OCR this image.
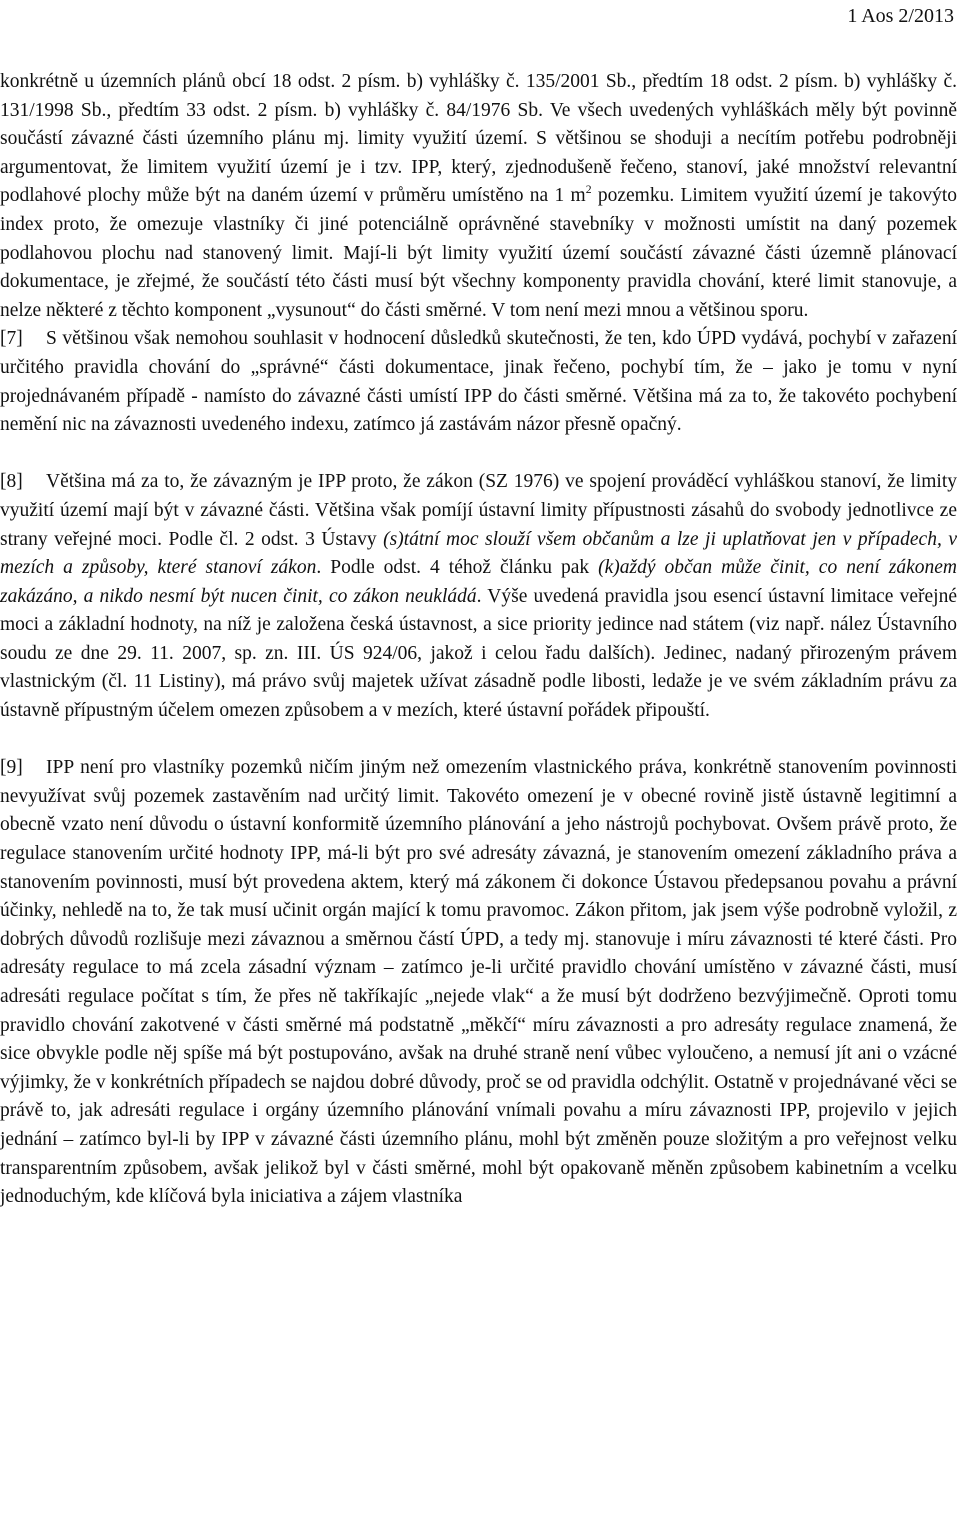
1 Aos 2/2013

konkrétně u územních plánů obcí 18 odst. 2 písm. b) vyhlášky č. 135/2001 Sb., předtím 18 odst. 2 písm. b) vyhlášky č. 131/1998 Sb., předtím 33 odst. 2 písm. b) vyhlášky č. 84/1976 Sb. Ve všech uvedených vyhláškách měly být povinně součástí závazné části územního plánu mj. limity využití území. S většinou se shoduji a necítím potřebu podrobněji argumentovat, že limitem využití území je i tzv. IPP, který, zjednodušeně řečeno, stanoví, jaké množství relevantní podlahové plochy může být na daném území v průměru umístěno na 1 $m^2$ pozemku. Limitem využití území je takovýto index proto, že omezuje vlastníky či jiné potenciálně oprávněné stavebníky v možnosti umístit na daný pozemek podlahovou plochu nad stanovený limit. Mají-li být limity využití území součástí závazné části územně plánovací dokumentace, je zřejmé, že součástí této části musí být všechny komponenty pravidla chování, které limit stanovuje, a nelze některé z těchto komponent „vysunout“ do části směrné. V tom není mezi mnou a většinou sporu.

[7] S většinou však nemohou souhlasit v hodnocení důsledků skutečnosti, že ten, kdo ÚPD vydává, pochybí v zařazení určitého pravidla chování do „správné“ části dokumentace, jinak řečeno, pochybí tím, že – jako je tomu v nyní projednávaném případě - namísto do závazné části umístí IPP do části směrné. Většina má za to, že takovéto pochybení nemění nic na závaznosti uvedeného indexu, zatímco já zastávám názor přesně opačný.

[8] Většina má za to, že závazným je IPP proto, že zákon (SZ 1976) ve spojení prováděcí vyhláškou stanoví, že limity využití území mají být v závazné části. Většina však pomíjí ústavní limity přípustnosti zásahů do svobody jednotlivce ze strany veřejné moci. Podle čl. 2 odst. 3 Ústavy (s)tátní moc slouží všem občanům a lze ji uplatňovat jen v případech, v mezích a způsoby, které stanoví zákon. Podle odst. 4 téhož článku pak (k)aždý občan může činit, co není zákonem zakázáno, a nikdo nesmí být nucen činit, co zákon neukládá. Výše uvedená pravidla jsou esencí ústavní limitace veřejné moci a základní hodnoty, na níž je založena česká ústavnost, a sice priority jedince nad státem (viz např. nález Ústavního soudu ze dne 29. 11. 2007, sp. zn. III. ÚS 924/06, jakož i celou řadu dalších). Jedinec, nadaný přirozeným právem vlastnickým (čl. 11 Listiny), má právo svůj majetek užívat zásadně podle libosti, ledaže je ve svém základním právu za ústavně přípustným účelem omezen způsobem a v mezích, které ústavní pořádek připouští.

[9] IPP není pro vlastníky pozemků ničím jiným než omezením vlastnického práva, konkrétně stanovením povinnosti nevyužívat svůj pozemek zastavěním nad určitý limit. Takovéto omezení je v obecné rovině jistě ústavně legitimní a obecně vzato není důvodu o ústavní konformitě územního plánování a jeho nástrojů pochybovat. Ovšem právě proto, že regulace stanovením určité hodnoty IPP, má-li být pro své adresáty závazná, je stanovením omezení základního práva a stanovením povinnosti, musí být provedena aktem, který má zákonem či dokonce Ústavou předepsanou povahu a právní účinky, nehledě na to, že tak musí učinit orgán mající k tomu pravomoc. Zákon přitom, jak jsem výše podrobně vyložil, z dobrých důvodů rozlišuje mezi závaznou a směrnou částí ÚPD, a tedy mj. stanovuje i míru závaznosti té které části. Pro adresáty regulace to má zcela zásadní význam – zatímco je-li určité pravidlo chování umístěno v závazné části, musí adresáti regulace počítat s tím, že přes ně takříkajíc „nejede vlak“ a že musí být dodrženo bezvýjimečně. Oproti tomu pravidlo chování zakotvené v části směrné má podstatně „měkčí“ míru závaznosti a pro adresáty regulace znamená, že sice obvykle podle něj spíše má být postupováno, avšak na druhé straně není vůbec vyloučeno, a nemusí jít ani o vzácné výjimky, že v konkrétních případech se najdou dobré důvody, proč se od pravidla odchýlit. Ostatně v projednávané věci se právě to, jak adresáti regulace i orgány územního plánování vnímali povahu a míru závaznosti IPP, projevilo v jejich jednání – zatímco byl-li by IPP v závazné části územního plánu, mohl být změněn pouze složitým a pro veřejnost velku transparentním způsobem, avšak jelikož byl v části směrné, mohl být opakovaně měněn způsobem kabinetním a vcelku jednoduchým, kde klíčová byla iniciativa a zájem vlastníka
